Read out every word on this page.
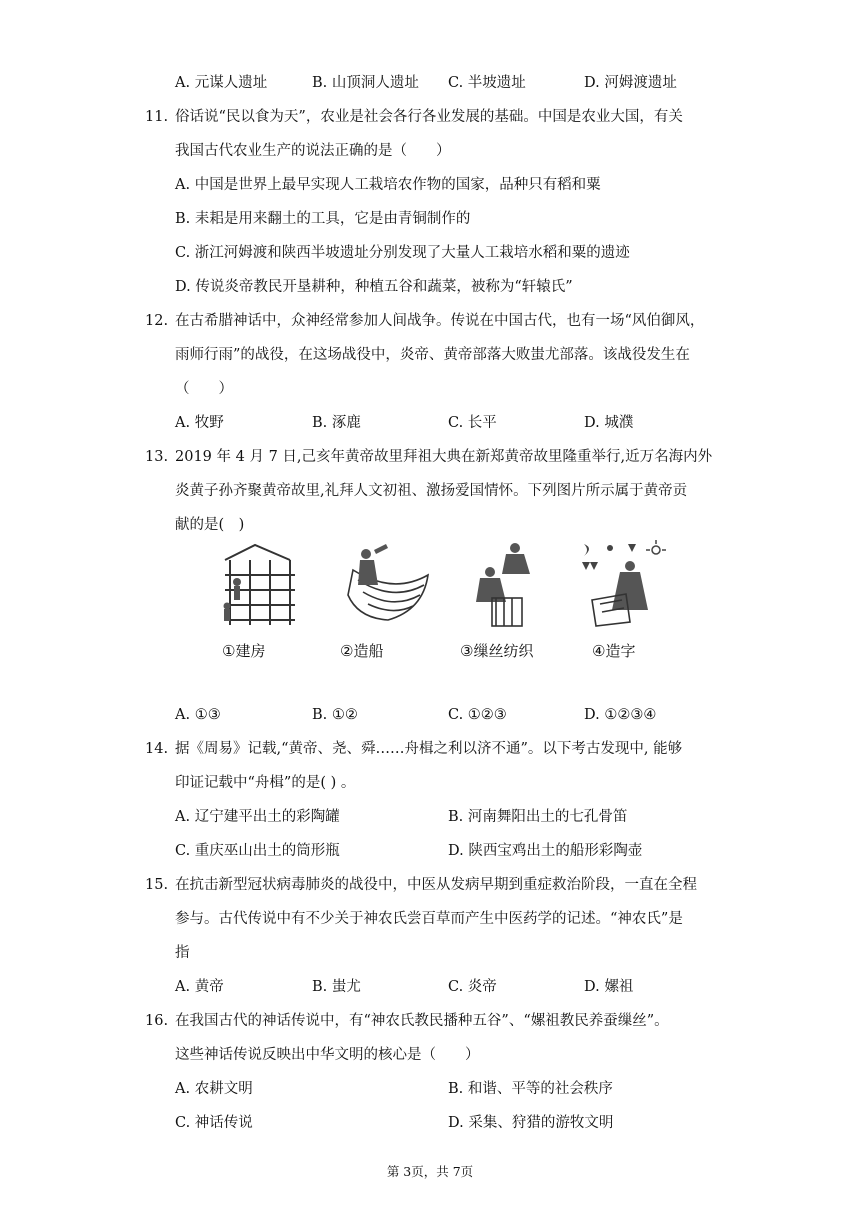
A. 元谋人遗址	B. 山顶洞人遗址 C. 半坡遗址	D. 河姆渡遗址
11. 俗话说“民以食为天”，农业是社会各行各业发展的基础。中国是农业大国，有关
我国古代农业生产的说法正确的是（　　）
A. 中国是世界上最早实现人工栽培农作物的国家，品种只有稻和粟
B. 耒耜是用来翻土的工具，它是由青铜制作的
C. 浙江河姆渡和陕西半坡遗址分别发现了大量人工栽培水稻和粟的遗迹
D. 传说炎帝教民开垦耕种，种植五谷和蔬菜，被称为“轩辕氏”
12. 在古希腊神话中，众神经常参加人间战争。传说在中国古代，也有一场“风伯御风，
雨师行雨”的战役，在这场战役中，炎帝、黄帝部落大败蚩尤部落。该战役发生在
（　　）
A. 牧野	B. 涿鹿	C. 长平	D. 城濮
13. 2019 年 4 月 7 日,己亥年黄帝故里拜祖大典在新郑黄帝故里隆重举行,近万名海内外
炎黄子孙齐聚黄帝故里,礼拜人文初祖、激扬爱国情怀。下列图片所示属于黄帝贡
献的是(　)
①建房	②造船	③缫丝纺织	④造字
A. ①③	B. ①②	C. ①②③	D. ①②③④
14. 据《周易》记载,“黄帝、尧、舜……舟楫之利以济不通”。以下考古发现中, 能够
印证记载中“舟楫”的是( ) 。
A. 辽宁建平出土的彩陶罐	B. 河南舞阳出土的七孔骨笛
C. 重庆巫山出土的筒形瓶	D. 陕西宝鸡出土的船形彩陶壶
15. 在抗击新型冠状病毒肺炎的战役中，中医从发病早期到重症救治阶段，一直在全程
参与。古代传说中有不少关于神农氏尝百草而产生中医药学的记述。“神农氏”是
指
A. 黄帝	B. 蚩尤	C. 炎帝	D. 嫘祖
16. 在我国古代的神话传说中，有“神农氏教民播种五谷”、“嫘祖教民养蚕缫丝”。
这些神话传说反映出中华文明的核心是（　　）
A. 农耕文明	B. 和谐、平等的社会秩序
C. 神话传说	D. 采集、狩猎的游牧文明
第 3页，共 7页
